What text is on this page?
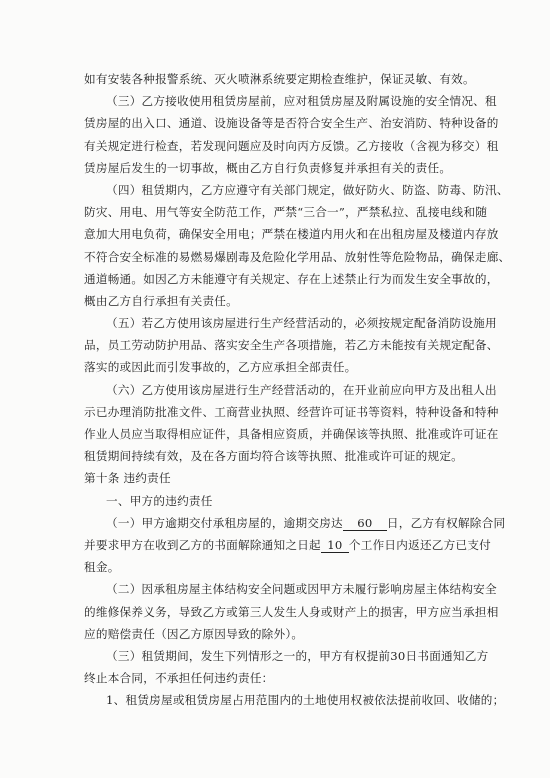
如有安装各种报警系统、灭火喷淋系统要定期检查维护，保证灵敏、有效。
（三）乙方接收使用租赁房屋前，应对租赁房屋及附属设施的安全情况、租
赁房屋的出入口、通道、设施设备等是否符合安全生产、治安消防、特种设备的
有关规定进行检查，若发现问题应及时向丙方反馈。乙方接收（含视为移交）租
赁房屋后发生的一切事故，概由乙方自行负责修复并承担有关的责任。
（四）租赁期内，乙方应遵守有关部门规定，做好防火、防盗、防毒、防汛、
防灾、用电、用气等安全防范工作，严禁“三合一”，严禁私拉、乱接电线和随
意加大用电负荷，确保安全用电；严禁在楼道内用火和在出租房屋及楼道内存放
不符合安全标准的易燃易爆剧毒及危险化学用品、放射性等危险物品，确保走廊、
通道畅通。如因乙方未能遵守有关规定、存在上述禁止行为而发生安全事故的，
概由乙方自行承担有关责任。
（五）若乙方使用该房屋进行生产经营活动的，必须按规定配备消防设施用
品，员工劳动防护用品、落实安全生产各项措施，若乙方未能按有关规定配备、
落实的或因此而引发事故的，乙方应承担全部责任。
（六）乙方使用该房屋进行生产经营活动的，在开业前应向甲方及出租人出
示已办理消防批准文件、工商营业执照、经营许可证书等资料，特种设备和特种
作业人员应当取得相应证件，具备相应资质，并确保该等执照、批准或许可证在
租赁期间持续有效，及在各方面均符合该等执照、批准或许可证的规定。
第十条 违约责任
一、甲方的违约责任
（一）甲方逾期交付承租房屋的，逾期交房达 60 日，乙方有权解除合同
并要求甲方在收到乙方的书面解除通知之日起 10 个工作日内返还乙方已支付
租金。
（二）因承租房屋主体结构安全问题或因甲方未履行影响房屋主体结构安全
的维修保养义务，导致乙方或第三人发生人身或财产上的损害，甲方应当承担相
应的赔偿责任（因乙方原因导致的除外）。
（三）租赁期间，发生下列情形之一的，甲方有权提前30日书面通知乙方
终止本合同，不承担任何违约责任：
1、租赁房屋或租赁房屋占用范围内的土地使用权被依法提前收回、收储的；
